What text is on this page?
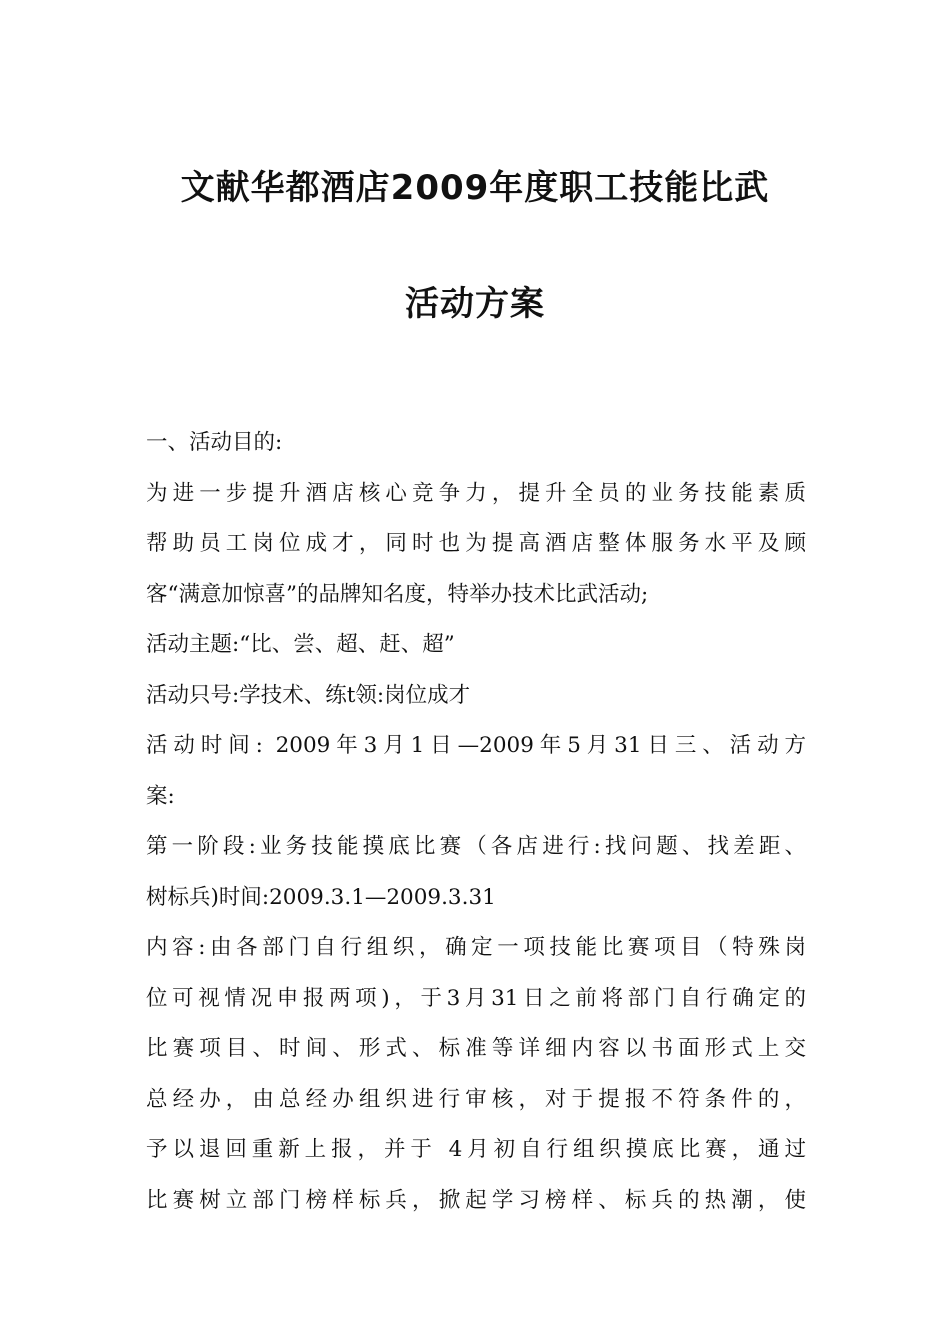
文献华都酒店2009年度职工技能比武
活动方案
一、活动目的:
为进一步提升酒店核心竞争力，提升全员的业务技能素质
帮助员工岗位成才，同时也为提高酒店整体服务水平及顾
客“满意加惊喜”的品牌知名度，特举办技术比武活动;
活动主题:“比、尝、超、赶、超”
活动只号:学技术、练t领:岗位成才
活动时间: 2009年3月1日—2009年5月31日三、活动方
案:
第一阶段:业务技能摸底比赛（各店进行:找问题、找差距、
树标兵)时间:2009.3.1—2009.3.31
内容:由各部门自行组织，确定一项技能比赛项目（特殊岗
位可视情况申报两项)，于3月31日之前将部门自行确定的
比赛项目、时间、形式、标准等详细内容以书面形式上交
总经办，由总经办组织进行审核，对于提报不符条件的，
予以退回重新上报，并于 4月初自行组织摸底比赛，通过
比赛树立部门榜样标兵，掀起学习榜样、标兵的热潮，使
